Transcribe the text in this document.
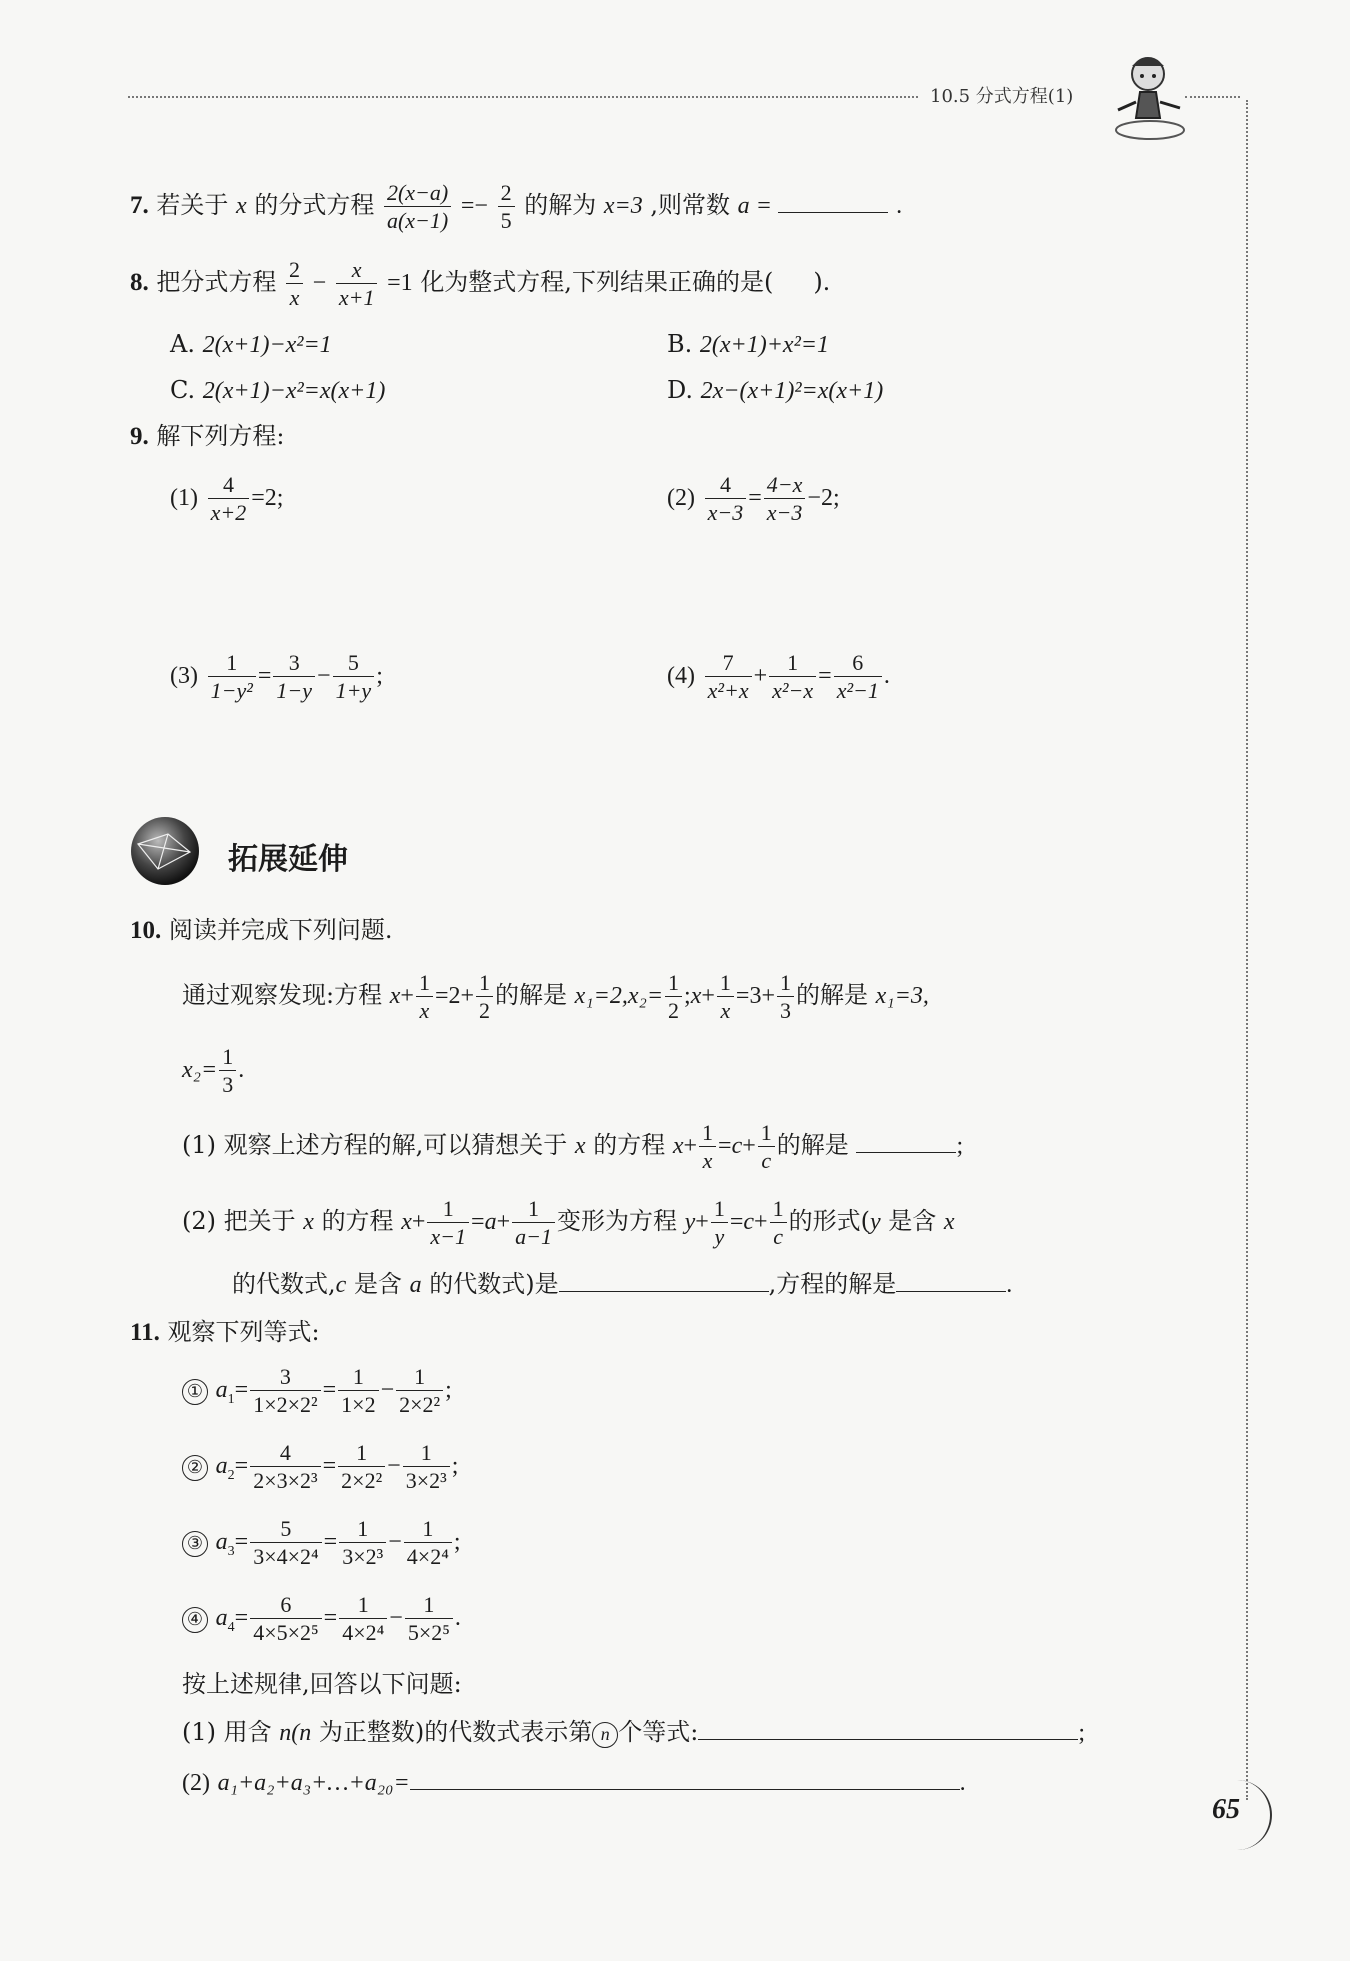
10.5 分式方程(1)
7. 若关于 x 的分式方程 $\frac{2(x-a)}{a(x-1)} =- \frac{2}{5}$ 的解为 x=3 ,则常数 a =	.
8. 把分式方程 $\frac{2}{x} - \frac{x}{x+1} =1$ 化为整式方程,下列结果正确的是( ).
A. 2(x+1)−x²=1	B. 2(x+1)+x²=1
C. 2(x+1)−x²=x(x+1)	D. 2x−(x+1)²=x(x+1)
9. 解下列方程:
$(1) \frac{4}{x+2} =2$;	$(2) \frac{4}{x-3} = \frac{4-x}{x-3} -2$;
$(3) \frac{1}{\text{1−y²}} = \frac{3}{1-y} - \frac{5}{1+y}$ ;	$(4) \frac{7}{\text{x²+x}} + \frac{1}{\text{x²−x}} = \frac{6}{\text{x²−1}}$ .
拓展延伸
10. 阅读并完成下列问题.
通过观察发现:方程 $x+ \frac{1}{x} =2+ \frac{1}{2}$ 的解是 $x_1=2,x_2= \frac{1}{2}$ ;x+ $\frac{1}{x} =3+ \frac{1}{3}$ 的解是 x₁=3,
$x_2= \frac{1}{3}$ .
(1) 观察上述方程的解,可以猜想关于 x 的方程 $x+ \frac{1}{x} =c+ \frac{1}{c}$ 的解是	;
(2) 把关于 x 的方程 $x+ \frac{1}{x-1} =a+ \frac{1}{a-1}$ 变形为方程 $y+ \frac{1}{y} =c+ \frac{1}{c}$ 的形式(y 是含 x
的代数式,c 是含 a 的代数式)是	,方程的解是	.
11. 观察下列等式:
① $a_1= \frac{3}{\text{1×2×2²}} = \frac{1}{1\times 2} - \frac{1}{\text{2×2²}}$ ;
② $a_2= \frac{4}{\text{2×3×2³}} = \frac{1}{\text{2×2²}} - \frac{1}{\text{3×2³}}$ ;
③ $a_3= \frac{5}{\text{3×4×2⁴}} = \frac{1}{\text{3×2³}} - \frac{1}{\text{4×2⁴}}$ ;
④ $a_4= \frac{6}{\text{4×5×2⁵}} = \frac{1}{\text{4×2⁴}} - \frac{1}{\text{5×2⁵}}$ .
按上述规律,回答以下问题:
(1) 用含 n(n 为正整数)的代数式表示第 n 个等式:	;
(2) a₁+a₂+a₃+…+a₂₀=	.
65
